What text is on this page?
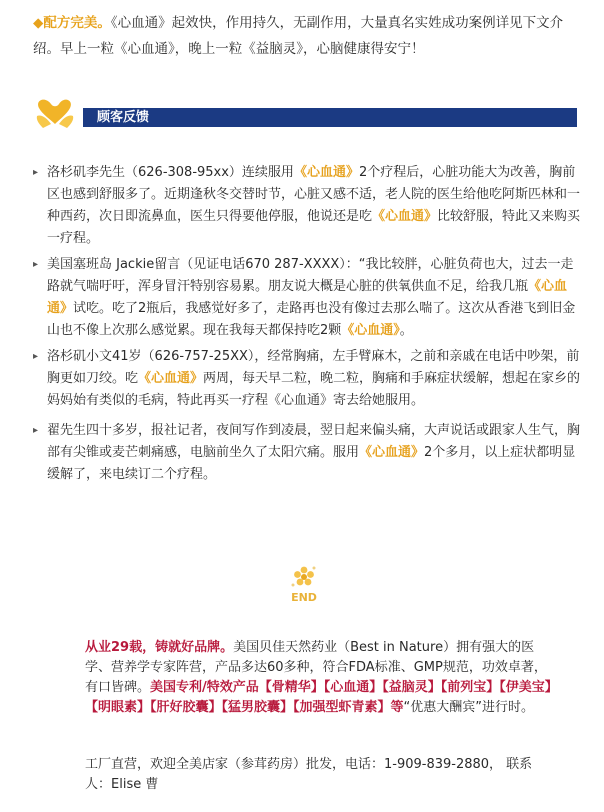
◆配方完美。《心血通》起效快，作用持久，无副作用，大量真名实姓成功案例详见下文介绍。早上一粒《心血通》，晚上一粒《益脑灵》，心脑健康得安宁！
顾客反馈
▸ 洛杉矶李先生（626-308-95xx）连续服用《心血通》2个疗程后，心脏功能大为改善，胸前区也感到舒服多了。近期逢秋冬交替时节，心脏又感不适，老人院的医生给他吃阿斯匹林和一种西药，次日即流鼻血，医生只得要他停服，他说还是吃《心血通》比较舒服，特此又来购买一疗程。
▸ 美国塞班岛 Jackie留言（见证电话670 287-XXXX）：“我比较胖，心脏负荷也大，过去一走路就气喘吁吁，浑身冒汗特别容易累。朋友说大概是心脏的供氧供血不足，给我几瓶《心血通》试吃。吃了2瓶后，我感觉好多了，走路再也没有像过去那么喘了。这次从香港飞到旧金山也不像上次那么感觉累。现在我每天都保持吃2颗《心血通》。
▸ 洛杉矶小文41岁（626-757-25XX），经常胸痛，左手臂麻木，之前和亲戚在电话中吵架，前胸更如刀绞。吃《心血通》两周，每天早二粒，晚二粒，胸痛和手麻症状缓解，想起在家乡的妈妈始有类似的毛病，特此再买一疗程《心血通》寄去给她服用。
▸ 翟先生四十多岁，报社记者，夜间写作到凌晨，翌日起来偏头痛，大声说话或跟家人生气，胸部有尖锥或麦芒刺痛感，电脑前坐久了太阳穴痛。服用《心血通》2个多月，以上症状都明显缓解了，来电续订二个疗程。
END
从业29载，铸就好品牌。美国贝佳天然药业（Best in Nature）拥有强大的医学、营养学专家阵营，产品多达60多种，符合FDA标准、GMP规范，功效卓著，有口皆碑。美国专利/特效产品【骨精华】【心血通】【益脑灵】【前列宝】【伊美宝】【明眼素】【肝好胶囊】【猛男胶囊】【加强型虾青素】等“优惠大酬宾”进行时。
工厂直营，欢迎全美店家（参茸药房）批发，电话：1-909-839-2880， 联系人：Elise 曹
